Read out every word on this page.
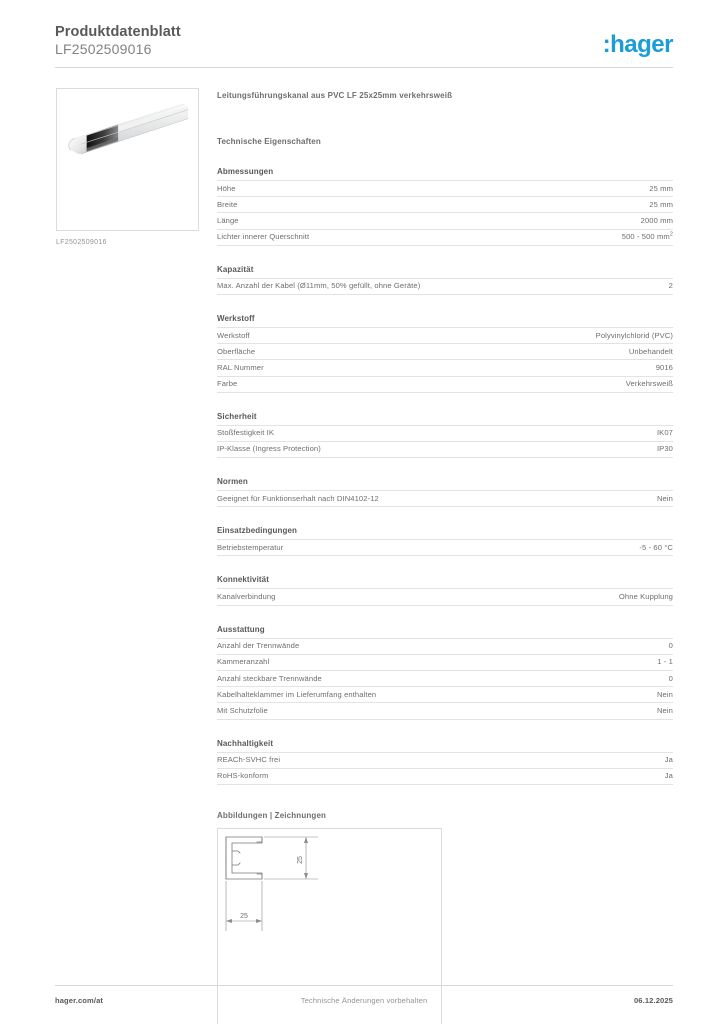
Produktdatenblatt
LF2502509016	:hager
LF2502509016
Leitungsführungskanal aus PVC LF 25x25mm verkehrsweiß
Technische Eigenschaften
Abmessungen
Höhe	25 mm
Breite	25 mm
Länge	2000 mm
Lichter innerer Querschnitt	500 - 500 $mm^2$
Kapazität
Max. Anzahl der Kabel (Ø11mm, 50% gefüllt, ohne Geräte)	2
Werkstoff
Werkstoff	Polyvinylchlorid (PVC)
Oberfläche	Unbehandelt
RAL Nummer	9016
Farbe	Verkehrsweiß
Sicherheit
Stoßfestigkeit IK	IK07
IP-Klasse (Ingress Protection)	IP30
Normen
Geeignet für Funktionserhalt nach DIN4102-12	Nein
Einsatzbedingungen
Betriebstemperatur	-5 - 60 °C
Konnektivität
Kanalverbindung	Ohne Kupplung
Ausstattung
Anzahl der Trennwände	0
Kammeranzahl	1 - 1
Anzahl steckbare Trennwände	0
Kabelhalteklammer im Lieferumfang enthalten	Nein
Mit Schutzfolie	Nein
Nachhaltigkeit
REACh-SVHC frei	Ja
RoHS-konform	Ja
Abbildungen | Zeichnungen
25
25
hager.com/at	Technische Änderungen vorbehalten	06.12.2025
